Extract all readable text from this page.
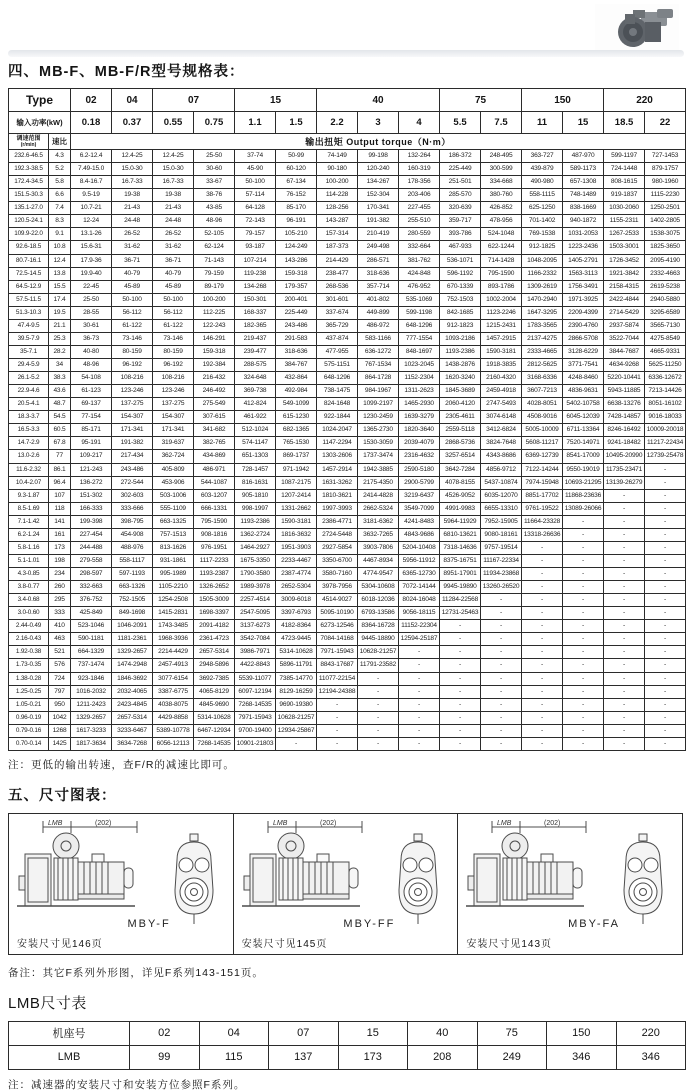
四、MB-F、MB-F/R型号规格表：
Type
输入功率(kW)		02	04	07		15		40			75		150		220	
		0.18	0.37	0.55	0.75	1.1	1.5	2.2	3	4	5.5	7.5	11	15	18.5	22
调速范围
(r/min)	速比	输出扭矩 Output torque（N·m）														
232.6-46.5	4.3	6.2-12.4	12.4-25	12.4-25	25-50	37-74	50-99	74-149	99-198	132-264	186-372	248-495	363-727	487-970	599-1197	727-1453
192.3-38.5	5.2	7.49-15.0	15.0-30	15.0-30	30-60	45-90	60-120	90-180	120-240	160-319	225-449	300-599	439-879	589-1173	724-1448	879-1757
172.4-34.5	5.8	8.4-16.7	16.7-33	16.7-33	33-67	50-100	67-134	100-200	134-267	178-356	251-501	334-668	490-980	657-1308	808-1615	980-1960
151.5-30.3	6.6	9.5-19	19-38	19-38	38-76	57-114	76-152	114-228	152-304	203-406	285-570	380-760	558-1115	748-1489	919-1837	1115-2230
135.1-27.0	7.4	10.7-21	21-43	21-43	43-85	64-128	85-170	128-256	170-341	227-455	320-639	426-852	625-1250	838-1669	1030-2060	1250-2501
120.5-24.1	8.3	12-24	24-48	24-48	48-96	72-143	96-191	143-287	191-382	255-510	359-717	478-956	701-1402	940-1872	1155-2311	1402-2805
109.9-22.0	9.1	13.1-26	26-52	26-52	52-105	79-157	105-210	157-314	210-419	280-559	393-786	524-1048	769-1538	1031-2053	1267-2533	1538-3075
92.6-18.5	10.8	15.6-31	31-62	31-62	62-124	93-187	124-249	187-373	249-498	332-664	467-933	622-1244	912-1825	1223-2436	1503-3001	1825-3650
80.7-16.1	12.4	17.9-36	36-71	36-71	71-143	107-214	143-286	214-429	286-571	381-762	536-1071	714-1428	1048-2095	1405-2791	1726-3452	2095-4190
72.5-14.5	13.8	19.9-40	40-79	40-79	79-159	119-238	159-318	238-477	318-636	424-848	596-1192	795-1590	1166-2332	1563-3113	1921-3842	2332-4663
64.5-12.9	15.5	22-45	45-89	45-89	89-179	134-268	179-357	268-536	357-714	476-952	670-1339	893-1786	1309-2619	1756-3491	2158-4315	2619-5238
57.5-11.5	17.4	25-50	50-100	50-100	100-200	150-301	200-401	301-601	401-802	535-1069	752-1503	1002-2004	1470-2940	1971-3925	2422-4844	2940-5880
51.3-10.3	19.5	28-55	56-112	56-112	112-225	168-337	225-449	337-674	449-899	599-1198	842-1685	1123-2246	1647-3295	2209-4399	2714-5429	3295-6589
47.4-9.5	21.1	30-61	61-122	61-122	122-243	182-365	243-486	365-729	486-972	648-1296	912-1823	1215-2431	1783-3565	2390-4760	2937-5874	3565-7130
39.5-7.9	25.3	36-73	73-146	73-146	146-291	219-437	291-583	437-874	583-1166	777-1554	1093-2186	1457-2915	2137-4275	2866-5708	3522-7044	4275-8549
35-7.1	28.2	40-80	80-159	80-159	159-318	239-477	318-636	477-955	636-1272	848-1697	1193-2386	1590-3181	2333-4665	3128-6229	3844-7687	4665-9331
29.4-5.9	34	48-96	96-192	96-192	192-384	288-575	384-767	575-1151	767-1534	1023-2045	1438-2876	1918-3835	2812-5625	3771-7541	4634-9268	5625-11250
26.1-5.2	38.3	54-108	108-216	108-216	216-432	324-648	432-864	648-1296	864-1728	1152-2304	1620-3240	2160-4320	3168-6336	4248-8460	5220-10441	6336-12672
22.9-4.6	43.6	61-123	123-246	123-246	246-492	369-738	492-984	738-1475	984-1967	1311-2623	1845-3689	2459-4918	3607-7213	4836-9631	5943-11885	7213-14426
20.5-4.1	48.7	69-137	137-275	137-275	275-549	412-824	549-1099	824-1648	1099-2197	1465-2930	2060-4120	2747-5493	4028-8051	5402-10758	6638-13276	8051-16102
18.3-3.7	54.5	77-154	154-307	154-307	307-615	461-922	615-1230	922-1844	1230-2459	1639-3279	2305-4611	3074-6148	4508-9016	6045-12039	7428-14857	9016-18033
16.5-3.3	60.5	85-171	171-341	171-341	341-682	512-1024	682-1365	1024-2047	1365-2730	1820-3640	2559-5118	3412-6824	5005-10009	6711-13364	8246-16492	10009-20018
14.7-2.9	67.8	95-191	191-382	319-637	382-765	574-1147	765-1530	1147-2294	1530-3059	2039-4079	2868-5736	3824-7648	5608-11217	7520-14971	9241-18482	11217-22434
13.0-2.6	77	109-217	217-434	362-724	434-869	651-1303	869-1737	1303-2606	1737-3474	2316-4632	3257-6514	4343-8686	6369-12739	8541-17009	10495-20990	12739-25478
11.6-2.32	86.1	121-243	243-486	405-809	486-971	728-1457	971-1942	1457-2914	1942-3885	2590-5180	3642-7284	4856-9712	7122-14244	9550-19019	11735-23471	-
10.4-2.07	96.4	136-272	272-544	453-906	544-1087	816-1631	1087-2175	1631-3262	2175-4350	2900-5799	4078-8155	5437-10874	7974-15948	10693-21295	13139-26279	-
9.3-1.87	107	151-302	302-603	503-1006	603-1207	905-1810	1207-2414	1810-3621	2414-4828	3219-6437	4526-9052	6035-12070	8851-17702	11868-23636	-	-
8.5-1.69	118	166-333	333-666	555-1109	666-1331	998-1997	1331-2662	1997-3993	2662-5324	3549-7099	4991-9983	6655-13310	9761-19522	13089-26066	-	-
7.1-1.42	141	199-398	398-795	663-1325	795-1590	1193-2386	1590-3181	2386-4771	3181-6362	4241-8483	5964-11929	7952-15905	11664-23328	-	-	-
6.2-1.24	161	227-454	454-908	757-1513	908-1816	1362-2724	1816-3632	2724-5448	3632-7265	4843-9686	6810-13621	9080-18161	13318-26636	-	-	-
5.8-1.16	173	244-488	488-976	813-1626	976-1951	1464-2927	1951-3903	2927-5854	3903-7806	5204-10408	7318-14636	9757-19514	-	-	-	-
5.1-1.01	198	279-558	558-1117	931-1861	1117-2233	1675-3350	2233-4467	3350-6700	4467-8934	5956-11912	8375-16751	11167-22334	-	-	-	-
4.3-0.85	234	298-597	597-1193	995-1989	1193-2387	1790-3580	2387-4774	3580-7160	4774-9547	6365-12730	8951-17901	11934-23868	-	-	-	-
3.8-0.77	260	332-663	663-1326	1105-2210	1326-2652	1989-3978	2652-5304	3978-7956	5304-10608	7072-14144	9945-19890	13260-26520	-	-	-	-
3.4-0.68	295	376-752	752-1505	1254-2508	1505-3009	2257-4514	3009-6018	4514-9027	6018-12036	8024-16048	11284-22568	-	-	-	-	-
3.0-0.60	333	425-849	849-1698	1415-2831	1698-3397	2547-5095	3397-6793	5095-10190	6793-13586	9056-18115	12731-25463	-	-	-	-	-
2.44-0.49	410	523-1046	1046-2091	1743-3485	2091-4182	3137-6273	4182-8364	6273-12546	8364-16728	11152-22304	-	-	-	-	-	-
2.16-0.43	463	590-1181	1181-2361	1968-3936	2361-4723	3542-7084	4723-9445	7084-14168	9445-18890	12594-25187	-	-	-	-	-	-
1.92-0.38	521	664-1329	1329-2657	2214-4429	2657-5314	3986-7971	5314-10628	7971-15943	10628-21257	-	-	-	-	-	-	-
1.73-0.35	576	737-1474	1474-2948	2457-4913	2948-5896	4422-8843	5896-11791	8843-17687	11791-23582	-	-	-	-	-	-	-
1.38-0.28	724	923-1846	1846-3692	3077-6154	3692-7385	5539-11077	7385-14770	11077-22154	-	-	-	-	-	-	-	-
1.25-0.25	797	1016-2032	2032-4065	3387-6775	4065-8129	6097-12194	8129-16259	12194-24388	-	-	-	-	-	-	-	-
1.05-0.21	950	1211-2423	2423-4845	4038-8075	4845-9690	7268-14535	9690-19380	-	-	-	-	-	-	-	-	-
0.96-0.19	1042	1329-2657	2657-5314	4429-8858	5314-10628	7971-15943	10628-21257	-	-	-	-	-	-	-	-	-
0.79-0.16	1268	1617-3233	3233-6467	5389-10778	6467-12934	9700-19400	12934-25867	-	-	-	-	-	-	-	-	-
0.70-0.14	1425	1817-3634	3634-7268	6056-12113	7268-14535	10901-21803	-	-	-	-	-	-	-	-	-	-
注：更低的输出转速，查F/R的减速比即可。
五、尺寸图表：
LMB	(202)
MBY-F
安装尺寸见146页
LMB	(202)
MBY-FF
安装尺寸见145页
LMB	(202)
MBY-FA
安装尺寸见143页
备注：其它F系列外形图，详见F系列143-151页。
LMB尺寸表
机座号	02	04	07	15	40	75	150	220
LMB	99	115	137	173	208	249	346	346
注：减速器的安装尺寸和安装方位参照F系列。
